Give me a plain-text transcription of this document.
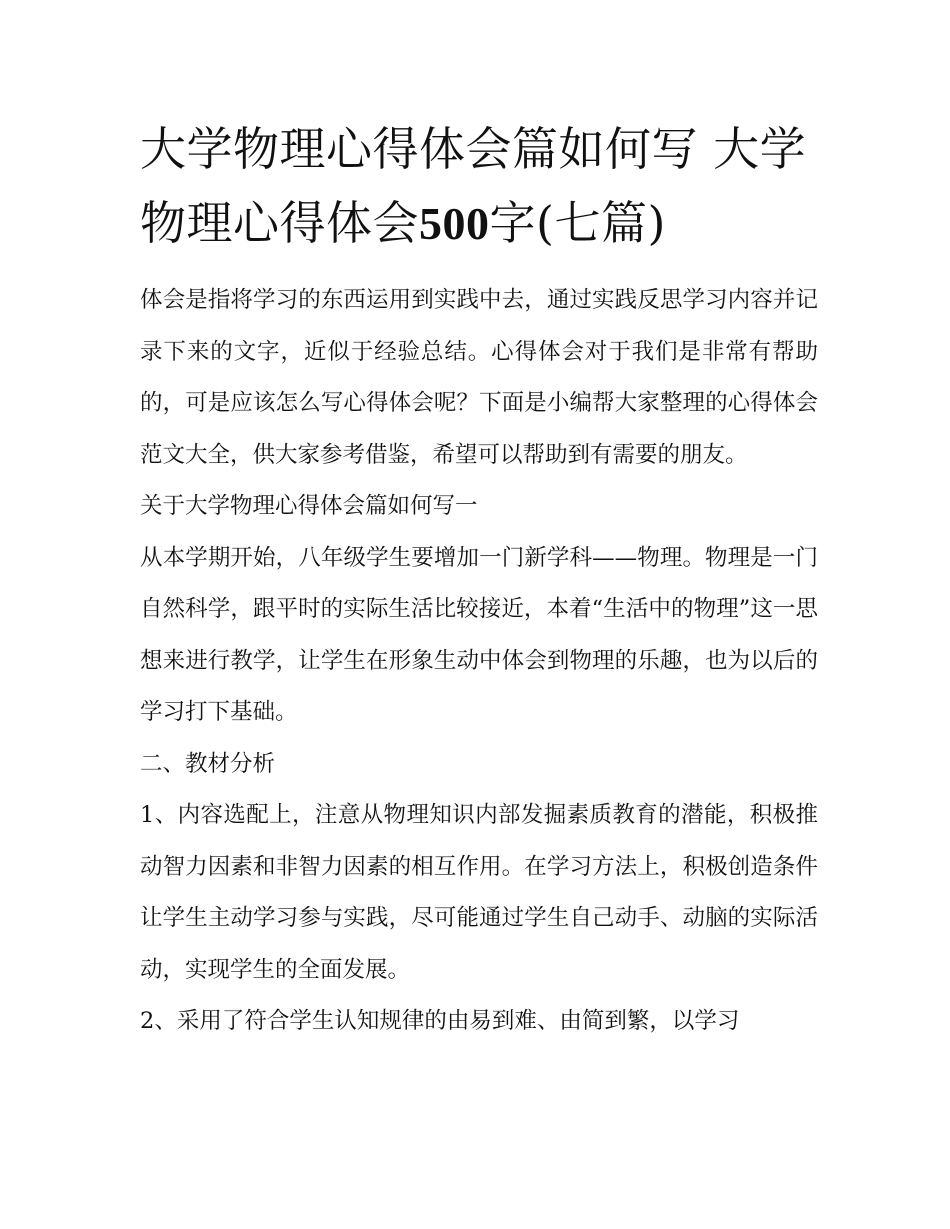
大学物理心得体会篇如何写 大学物理心得体会500字(七篇)

体会是指将学习的东西运用到实践中去，通过实践反思学习内容并记录下来的文字，近似于经验总结。心得体会对于我们是非常有帮助的，可是应该怎么写心得体会呢？下面是小编帮大家整理的心得体会范文大全，供大家参考借鉴，希望可以帮助到有需要的朋友。

关于大学物理心得体会篇如何写一

从本学期开始，八年级学生要增加一门新学科——物理。物理是一门自然科学，跟平时的实际生活比较接近，本着“生活中的物理”这一思想来进行教学，让学生在形象生动中体会到物理的乐趣，也为以后的学习打下基础。

二、教材分析

1、内容选配上，注意从物理知识内部发掘素质教育的潜能，积极推动智力因素和非智力因素的相互作用。在学习方法上，积极创造条件让学生主动学习参与实践，尽可能通过学生自己动手、动脑的实际活动，实现学生的全面发展。

2、采用了符合学生认知规律的由易到难、由简到繁，以学习
